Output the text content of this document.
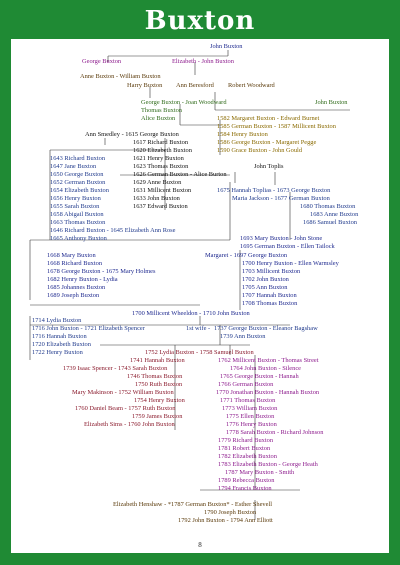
Buxton
John Buxton
George Buxton	Elizabeth - John Buxton
Anne Buxton - William Buxton
Harry Buxton Ann Beresford Robert Woodward
George Buxton - Joan Woodward
Thomas Buxton
Alice Buxton
John Buxton
1582 Margaret Buxton - Edward Burnet
1585 German Buxton - 1587 Millicent Buxton
1584 Henry Buxton
1586 George Buxton - Margaret Pegge
1590 Grace Buxton - John Gould
Ann Smedley - 1615 George Buxton
1617 Richard Buxton
1620 Elizabeth Buxton
1621 Henry Buxton
1623 Thomas Buxton
1626 German Buxton - Alice Burton
1629 Anne Buxton
1631 Millicent Buxton
1633 John Buxton
1637 Edward Buxton
1643 Richard Buxton
1647 Jane Buxton
1650 George Buxton
1652 German Buxton
1654 Elizabeth Buxton
1656 Henry Buxton
1655 Sarah Buxton
1658 Abigail Buxton
1663 Thomas Buxton
1646 Richard Buxton - 1645 Elizabeth Ann Rose
1665 Anthony Buxton
John Toplis
1675 Hannah Toplias - 1673 George Buxton
Maria Jackson - 1677 German Buxton
1680 Thomas Buxton
1683 Anne Buxton
1686 Samuel Buxton
1693 Mary Buxton - John Stone
1695 German Buxton - Ellen Tailock
Margaret - 1697 George Buxton
1700 Henry Buxton - Ellen Warmsley
1703 Millicent Buxton
1702 John Buxton
1705 Ann Buxton
1707 Hannah Buxton
1708 Thomas Buxton
1668 Mary Buxton
1668 Richard Buxton
1678 George Buxton - 1675 Mary Holmes
1682 Henry Buxton - Lydia
1685 Johannes Buxton
1689 Joseph Buxton
1700 Millicent Wheeldon - 1710 John Buxton
1714 Lydia Buxton
1716 John Buxton - 1721 Elizabeth Spencer
1716 Hannah Buxton
1720 Elizabeth Buxton
1722 Henry Buxton
1st wife - 1737 George Buxton - Eleanor Bagshaw
1739 Ann Buxton
1752 Lydia Buxton - 1758 Samuel Buxton
1741 Hannah Buxton
1739 Isaac Spencer - 1743 Sarah Buxton
1746 Thomas Buxton
1750 Ruth Buxton
Mary Makinson - 1752 William Buxton
1754 Henry Buxton
1760 Daniel Beam - 1757 Ruth Buxton
1759 James Buxton
Elizabeth Sims - 1760 John Buxton
1762 Millicent Buxton - Thomas Street
1764 John Buxton - Silence
1765 George Buxton - Hannah
1766 German Buxton
1770 Jonathan Buxton - Hannah Buxton
1771 Thomas Buxton
1773 William Buxton
1775 Ellen Buxton
1776 Henry Buxton
1778 Sarah Buxton - Richard Johnson
1779 Richard Buxton
1781 Robert Buxton
1782 Elizabeth Buxton
1783 Elizabeth Buxton - George Heath
1787 Mary Buxton - Smith
1789 Rebecca Buxton
1794 Francis Buxton
Elizabeth Henshaw - *1787 German Buxton* - Esther Shevell
1790 Joseph Buxton
1792 John Buxton - 1794 Ann Elliott
8
